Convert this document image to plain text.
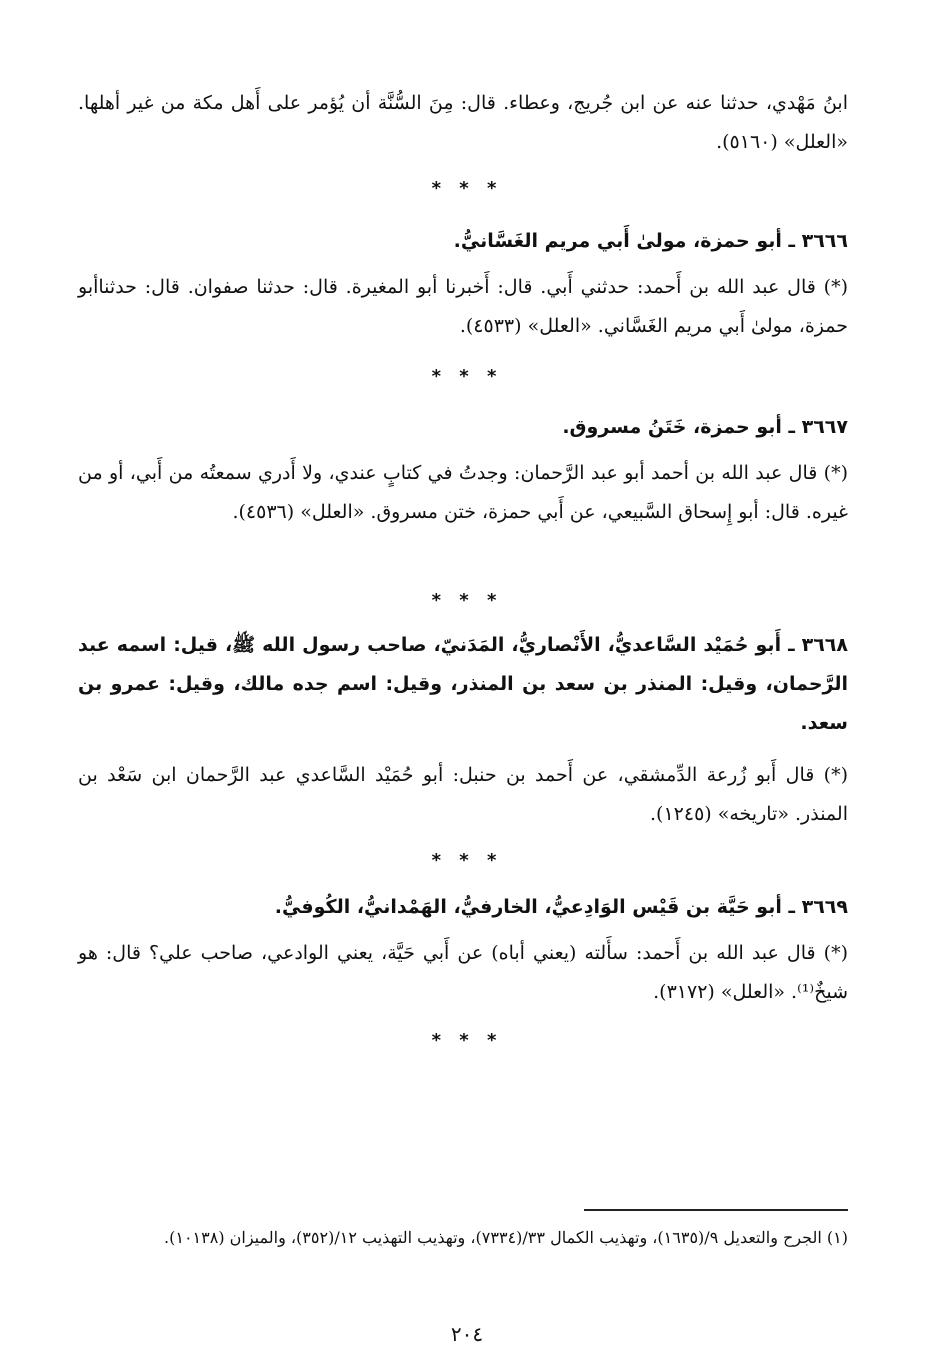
ابنُ مَهْدي، حدثنا عنه عن ابن جُريج، وعطاء. قال: مِنَ السُّنَّة أن يُؤمر على أَهل مكة من غير أهلها. «العلل» (٥١٦٠).
* * *
٣٦٦٦ ـ أبو حمزة، مولىٰ أَبي مريم الغَسَّانيُّ.
(*) قال عبد الله بن أَحمد: حدثني أَبي. قال: أَخبرنا أبو المغيرة. قال: حدثنا صفوان. قال: حدثناأبو حمزة، مولىٰ أَبي مريم الغَسَّاني. «العلل» (٤٥٣٣).
* * *
٣٦٦٧ ـ أبو حمزة، خَتَنُ مسروق.
(*) قال عبد الله بن أحمد أبو عبد الرَّحمان: وجدتُ في كتابٍ عندي، ولا أَدري سمعتُه من أَبي، أو من غيره. قال: أبو إِسحاق السَّبيعي، عن أَبي حمزة، ختن مسروق. «العلل» (٤٥٣٦).
* * *
٣٦٦٨ ـ أَبو حُمَيْد السَّاعديُّ، الأَنْصاريُّ، المَدَنيّ، صاحب رسول الله ﷺ، قيل: اسمه عبد الرَّحمان، وقيل: المنذر بن سعد بن المنذر، وقيل: اسم جده مالك، وقيل: عمرو بن سعد.
(*) قال أَبو زُرعة الدِّمشقي، عن أَحمد بن حنبل: أبو حُمَيْد السَّاعدي عبد الرَّحمان ابن سَعْد بن المنذر. «تاريخه» (١٢٤٥).
* * *
٣٦٦٩ ـ أبو حَيَّة بن قَيْس الوَادِعيُّ، الخارفيُّ، الهَمْدانيُّ، الكُوفيُّ.
(*) قال عبد الله بن أَحمد: سأَلته (يعني أباه) عن أَبي حَيَّة، يعني الوادعي، صاحب علي؟ قال: هو شيخٌ⁽¹⁾. «العلل» (٣١٧٢).
* * *
(١) الجرح والتعديل ٩/(١٦٣٥)، وتهذيب الكمال ٣٣/(٧٣٣٤)، وتهذيب التهذيب ١٢/(٣٥٢)، والميزان (١٠١٣٨).
٢٠٤
